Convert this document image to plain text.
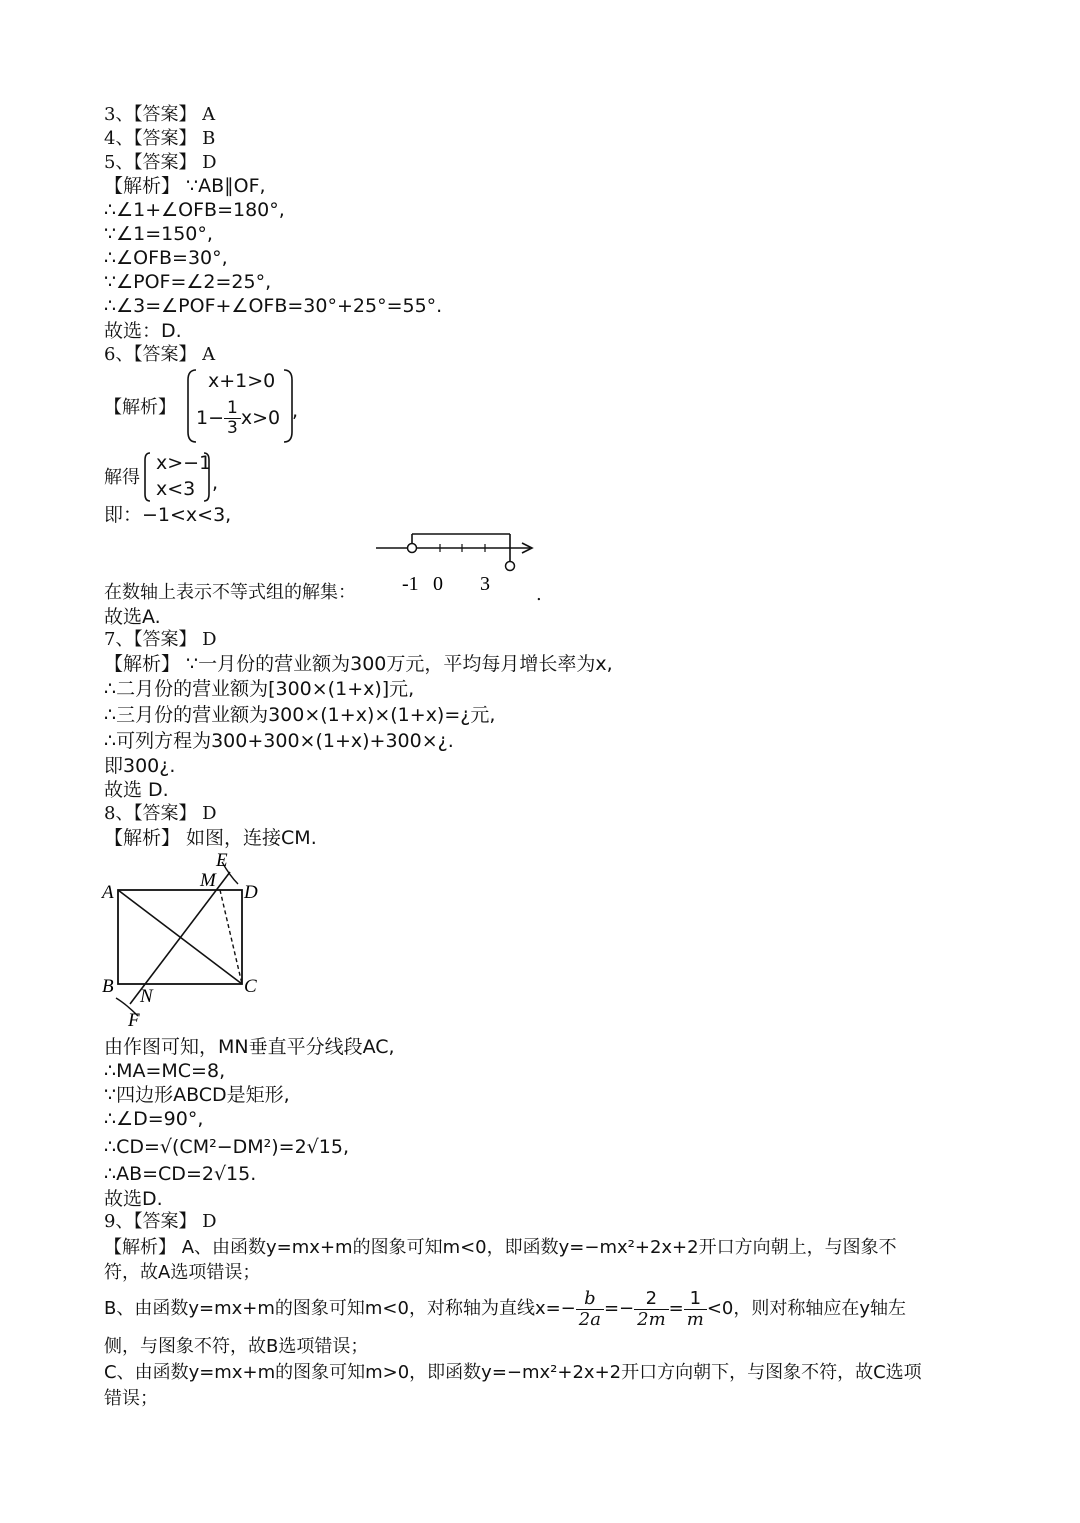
3、【答案】 A
4、【答案】 B
5、【答案】 D
【解析】 ∵AB∥OF,
∴∠1+∠OFB=180°,
∵∠1=150°,
∴∠OFB=30°,
∵∠POF=∠2=25°,
∴∠3=∠POF+∠OFB=30°+25°=55°.
故选：D.
6、【答案】 A
【解析】
x+1>0
$1- \frac{1}{3} x>0$ ,
解得
x>−1
x<3 ,
即：−1<x<3,
-1 0 3
在数轴上表示不等式组的解集：	.
故选A.
7、【答案】 D
【解析】 ∵一月份的营业额为300万元，平均每月增长率为x,
∴二月份的营业额为[300×(1+x)]元,
∴三月份的营业额为300×(1+x)×(1+x)=¿元,
∴可列方程为300+300×(1+x)+300×¿.
即300¿.
故选 D.
8、【答案】 D
【解析】 如图，连接CM.
A	D
B	C
E
M
N
F
由作图可知，MN垂直平分线段AC,
∴MA=MC=8,
∵四边形ABCD是矩形,
∴∠D=90°,
∴CD=√(CM²−DM²)=2√15,
∴AB=CD=2√15.
故选D.
9、【答案】 D
【解析】 A、由函数y=mx+m的图象可知m<0，即函数y=−mx²+2x+2开口方向朝上，与图象不
符，故A选项错误；
B、由函数y=mx+m的图象可知m<0，对称轴为直线$x=- \frac{b}{2a} =- \frac{2}{2m} = \frac{1}{m} <0$，则对称轴应在y轴左
侧，与图象不符，故B选项错误；
C、由函数y=mx+m的图象可知m>0，即函数y=−mx²+2x+2开口方向朝下，与图象不符，故C选项
错误；
